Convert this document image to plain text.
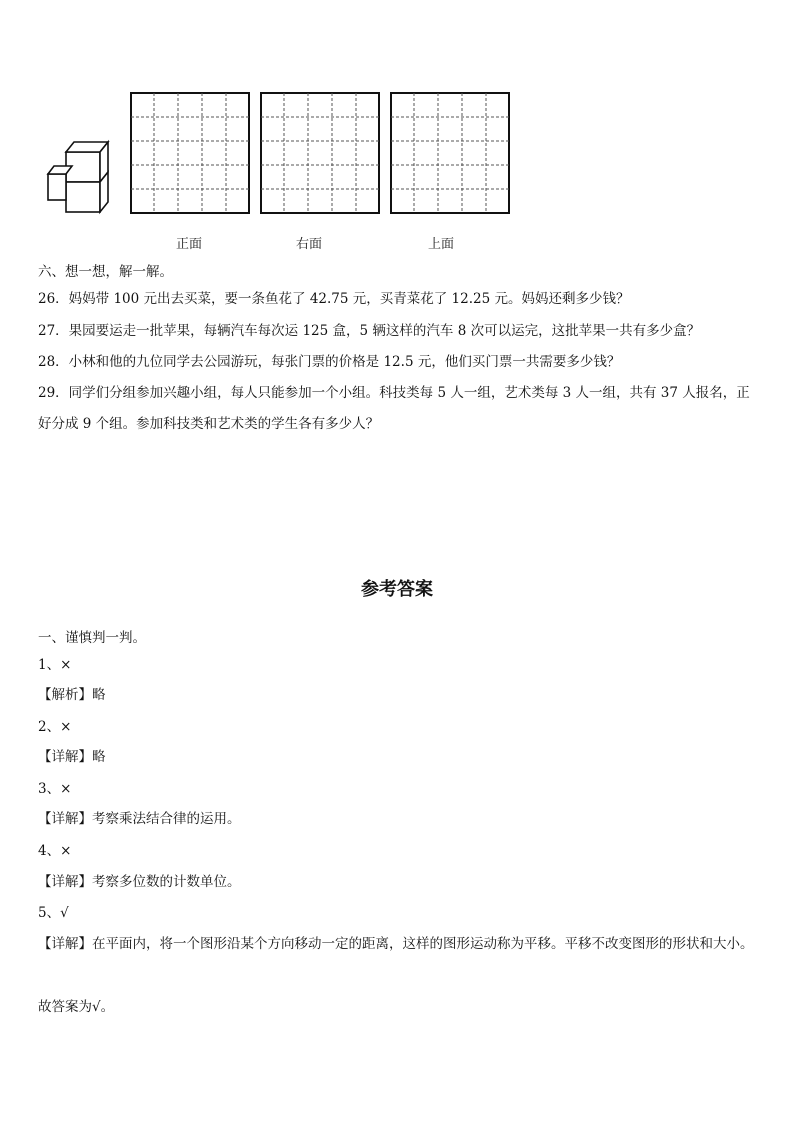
正面	右面	上面
六、想一想，解一解。
26．妈妈带 100 元出去买菜，要一条鱼花了 42.75 元，买青菜花了 12.25 元。妈妈还剩多少钱？
27．果园要运走一批苹果，每辆汽车每次运 125 盒，5 辆这样的汽车 8 次可以运完，这批苹果一共有多少盒？
28．小林和他的九位同学去公园游玩，每张门票的价格是 12.5 元，他们买门票一共需要多少钱？
29．同学们分组参加兴趣小组，每人只能参加一个小组。科技类每 5 人一组，艺术类每 3 人一组，共有 37 人报名，正好分成 9 个组。参加科技类和艺术类的学生各有多少人？
参考答案
一、谨慎判一判。
1、×
【解析】略
2、×
【详解】略
3、×
【详解】考察乘法结合律的运用。
4、×
【详解】考察多位数的计数单位。
5、√
【详解】在平面内，将一个图形沿某个方向移动一定的距离，这样的图形运动称为平移。平移不改变图形的形状和大小。
故答案为√。
